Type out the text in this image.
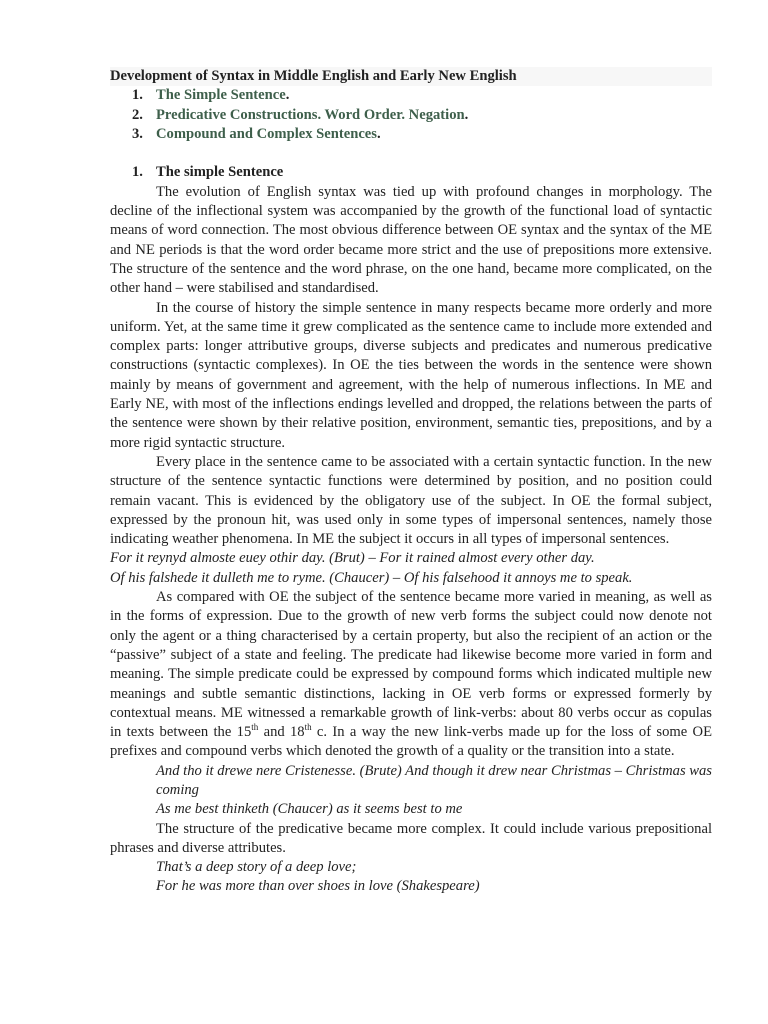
Development of Syntax in Middle English and Early New English
1. The Simple Sentence.
2. Predicative Constructions. Word Order. Negation.
3. Compound and Complex Sentences.
1. The simple Sentence

The evolution of English syntax was tied up with profound changes in morphology. The decline of the inflectional system was accompanied by the growth of the functional load of syntactic means of word connection. The most obvious difference between OE syntax and the syntax of the ME and NE periods is that the word order became more strict and the use of prepositions more extensive. The structure of the sentence and the word phrase, on the one hand, became more complicated, on the other hand – were stabilised and standardised.

In the course of history the simple sentence in many respects became more orderly and more uniform. Yet, at the same time it grew complicated as the sentence came to include more extended and complex parts: longer attributive groups, diverse subjects and predicates and numerous predicative constructions (syntactic complexes). In OE the ties between the words in the sentence were shown mainly by means of government and agreement, with the help of numerous inflections. In ME and Early NE, with most of the inflections endings levelled and dropped, the relations between the parts of the sentence were shown by their relative position, environment, semantic ties, prepositions, and by a more rigid syntactic structure.

Every place in the sentence came to be associated with a certain syntactic function. In the new structure of the sentence syntactic functions were determined by position, and no position could remain vacant. This is evidenced by the obligatory use of the subject. In OE the formal subject, expressed by the pronoun hit, was used only in some types of impersonal sentences, namely those indicating weather phenomena. In ME the subject it occurs in all types of impersonal sentences.

For it reynyd almoste euey othir day. (Brut) – For it rained almost every other day.

Of his falshede it dulleth me to ryme. (Chaucer) – Of his falsehood it annoys me to speak.

As compared with OE the subject of the sentence became more varied in meaning, as well as in the forms of expression. Due to the growth of new verb forms the subject could now denote not only the agent or a thing characterised by a certain property, but also the recipient of an action or the “passive” subject of a state and feeling. The predicate had likewise become more varied in form and meaning. The simple predicate could be expressed by compound forms which indicated multiple new meanings and subtle semantic distinctions, lacking in OE verb forms or expressed formerly by contextual means. ME witnessed a remarkable growth of link-verbs: about 80 verbs occur as copulas in texts between the 15th and 18th c. In a way the new link-verbs made up for the loss of some OE prefixes and compound verbs which denoted the growth of a quality or the transition into a state.

And tho it drewe nere Cristenesse. (Brute) And though it drew near Christmas – Christmas was coming

As me best thinketh (Chaucer) as it seems best to me

The structure of the predicative became more complex. It could include various prepositional phrases and diverse attributes.

That’s a deep story of a deep love;

For he was more than over shoes in love (Shakespeare)
